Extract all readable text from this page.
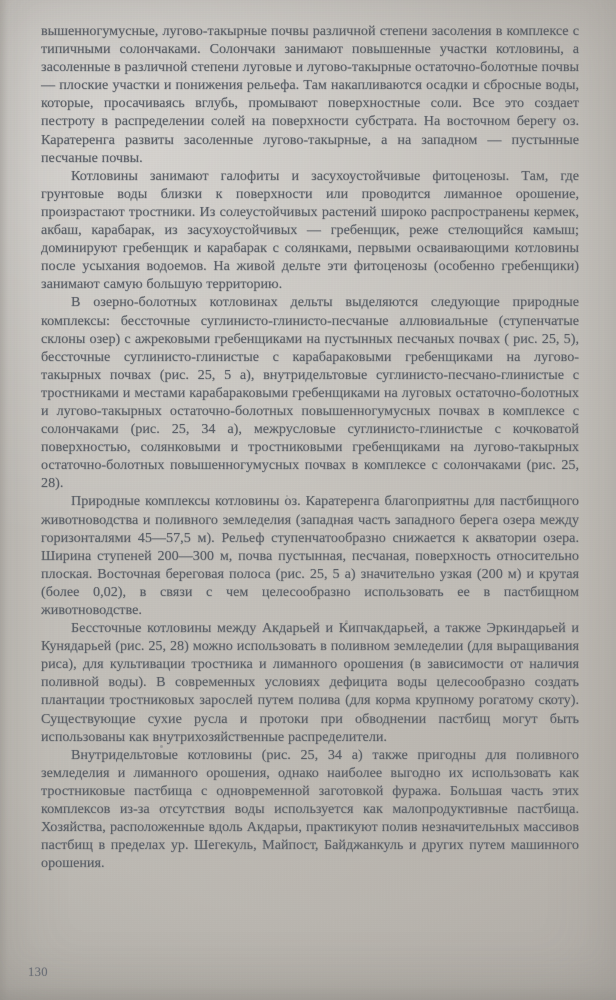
вышенногумусные, лугово-такырные почвы различной степени засоления в комплексе с типичными солончаками. Солончаки занимают повышенные участки котловины, а засоленные в различной степени луговые и лугово-такырные остаточно-болотные почвы — плоские участки и понижения рельефа. Там накапливаются осадки и сбросные воды, которые, просачиваясь вглубь, промывают поверхностные соли. Все это создает пестроту в распределении солей на поверхности субстрата. На восточном берегу оз. Каратеренга развиты засоленные лугово-такырные, а на западном — пустынные песчаные почвы.

Котловины занимают галофиты и засухоустойчивые фитоценозы. Там, где грунтовые воды близки к поверхности или проводится лиманное орошение, произрастают тростники. Из солеустойчивых растений широко распространены кермек, акбаш, карабарак, из засухоустойчивых — гребенщик, реже стелющийся камыш; доминируют гребенщик и карабарак с солянками, первыми осваивающими котловины после усыхания водоемов. На живой дельте эти фитоценозы (особенно гребенщики) занимают самую большую территорию.

В озерно-болотных котловинах дельты выделяются следующие природные комплексы: бессточные суглинисто-глинисто-песчаные аллювиальные (ступенчатые склоны озер) с ажрековыми гребенщиками на пустынных песчаных почвах ( рис. 25, 5), бессточные суглинисто-глинистые с карабараковыми гребенщиками на лугово-такырных почвах (рис. 25, 5 а), внутридельтовые суглинисто-песчано-глинистые с тростниками и местами карабараковыми гребенщиками на луговых остаточно-болотных и лугово-такырных остаточно-болотных повышенногумусных почвах в комплексе с солончаками (рис. 25, 34 а), межрусловые суглинисто-глинистые с кочковатой поверхностью, солянковыми и тростниковыми гребенщиками на лугово-такырных остаточно-болотных повышенногумусных почвах в комплексе с солончаками (рис. 25, 28).

Природные комплексы котловины оз. Каратеренга благоприятны для пастбищного животноводства и поливного земледелия (западная часть западного берега озера между горизонталями 45—57,5 м). Рельеф ступенчатообразно снижается к акватории озера. Ширина ступеней 200—300 м, почва пустынная, песчаная, поверхность относительно плоская. Восточная береговая полоса (рис. 25, 5 а) значительно узкая (200 м) и крутая (более 0,02), в связи с чем целесообразно использовать ее в пастбищном животноводстве.

Бессточные котловины между Акдарьей и Кипчакдарьей, а также Эркиндарьей и Кунядарьей (рис. 25, 28) можно использовать в поливном земледелии (для выращивания риса), для культивации тростника и лиманного орошения (в зависимости от наличия поливной воды). В современных условиях дефицита воды целесообразно создать плантации тростниковых зарослей путем полива (для корма крупному рогатому скоту). Существующие сухие русла и протоки при обводнении пастбищ могут быть использованы как внутрихозяйственные распределители.

Внутридельтовые котловины (рис. 25, 34 а) также пригодны для поливного земледелия и лиманного орошения, однако наиболее выгодно их использовать как тростниковые пастбища с одновременной заготовкой фуража. Большая часть этих комплексов из-за отсутствия воды используется как малопродуктивные пастбища. Хозяйства, расположенные вдоль Акдарьи, практикуют полив незначительных массивов пастбищ в пределах ур. Шегекуль, Майпост, Байджанкуль и других путем машинного орошения.

130
